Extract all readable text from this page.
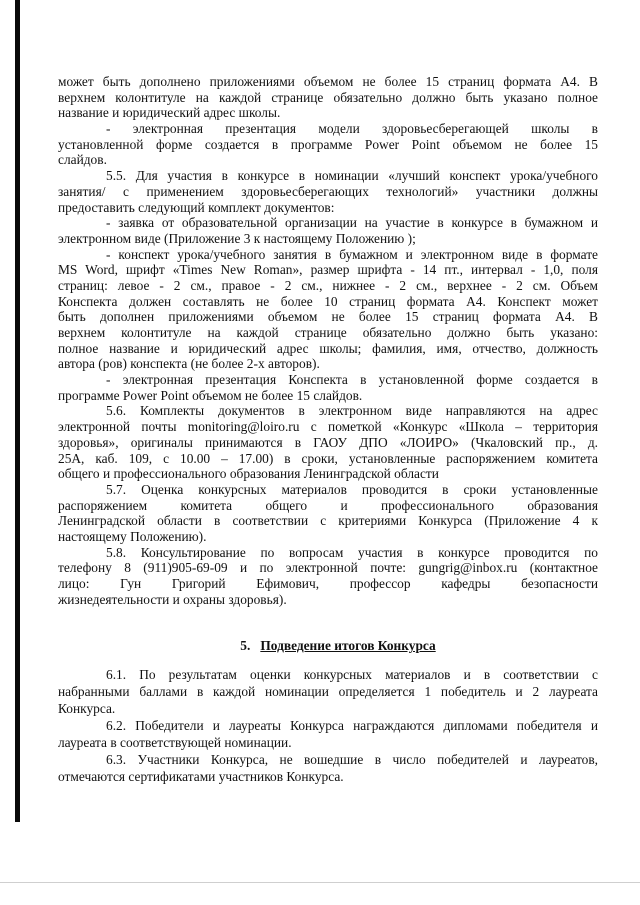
может быть дополнено приложениями объемом не более 15 страниц формата А4. В
верхнем колонтитуле на каждой странице обязательно должно быть указано полное
название и юридический адрес школы.
- электронная презентация модели здоровьесберегающей школы в
установленной форме создается в программе Power Point объемом не более 15
слайдов.
5.5. Для участия в конкурсе в номинации «лучший конспект урока/учебного
занятия/ с применением здоровьесберегающих технологий» участники должны
предоставить следующий комплект документов:
- заявка от образовательной организации на участие в конкурсе в бумажном и
электронном виде (Приложение 3 к настоящему Положению );
- конспект урока/учебного занятия в бумажном и электронном виде в формате
MS Word, шрифт «Times New Roman», размер шрифта - 14 пт., интервал - 1,0, поля
страниц: левое - 2 см., правое - 2 см., нижнее - 2 см., верхнее - 2 см. Объем
Конспекта должен составлять не более 10 страниц формата А4. Конспект может
быть дополнен приложениями объемом не более 15 страниц формата А4. В
верхнем колонтитуле на каждой странице обязательно должно быть указано:
полное название и юридический адрес школы; фамилия, имя, отчество, должность
автора (ров) конспекта (не более 2-х авторов).
- электронная презентация Конспекта в установленной форме создается в
программе Power Point объемом не более 15 слайдов.
5.6. Комплекты документов в электронном виде направляются на адрес
электронной почты monitoring@loiro.ru с пометкой «Конкурс «Школа – территория
здоровья», оригиналы принимаются в ГАОУ ДПО «ЛОИРО» (Чкаловский пр., д.
25А, каб. 109, с 10.00 – 17.00) в сроки, установленные распоряжением комитета
общего и профессионального образования Ленинградской области
5.7. Оценка конкурсных материалов проводится в сроки установленные
распоряжением комитета общего и профессионального образования
Ленинградской области в соответствии с критериями Конкурса (Приложение 4 к
настоящему Положению).
5.8. Консультирование по вопросам участия в конкурсе проводится по
телефону 8 (911)905-69-09 и по электронной почте: gungrig@inbox.ru (контактное
лицо: Гун Григорий Ефимович, профессор кафедры безопасности
жизнедеятельности и охраны здоровья).
5. Подведение итогов Конкурса
6.1. По результатам оценки конкурсных материалов и в соответствии с
набранными баллами в каждой номинации определяется 1 победитель и 2 лауреата
Конкурса.
6.2. Победители и лауреаты Конкурса награждаются дипломами победителя и
лауреата в соответствующей номинации.
6.3. Участники Конкурса, не вошедшие в число победителей и лауреатов,
отмечаются сертификатами участников Конкурса.
